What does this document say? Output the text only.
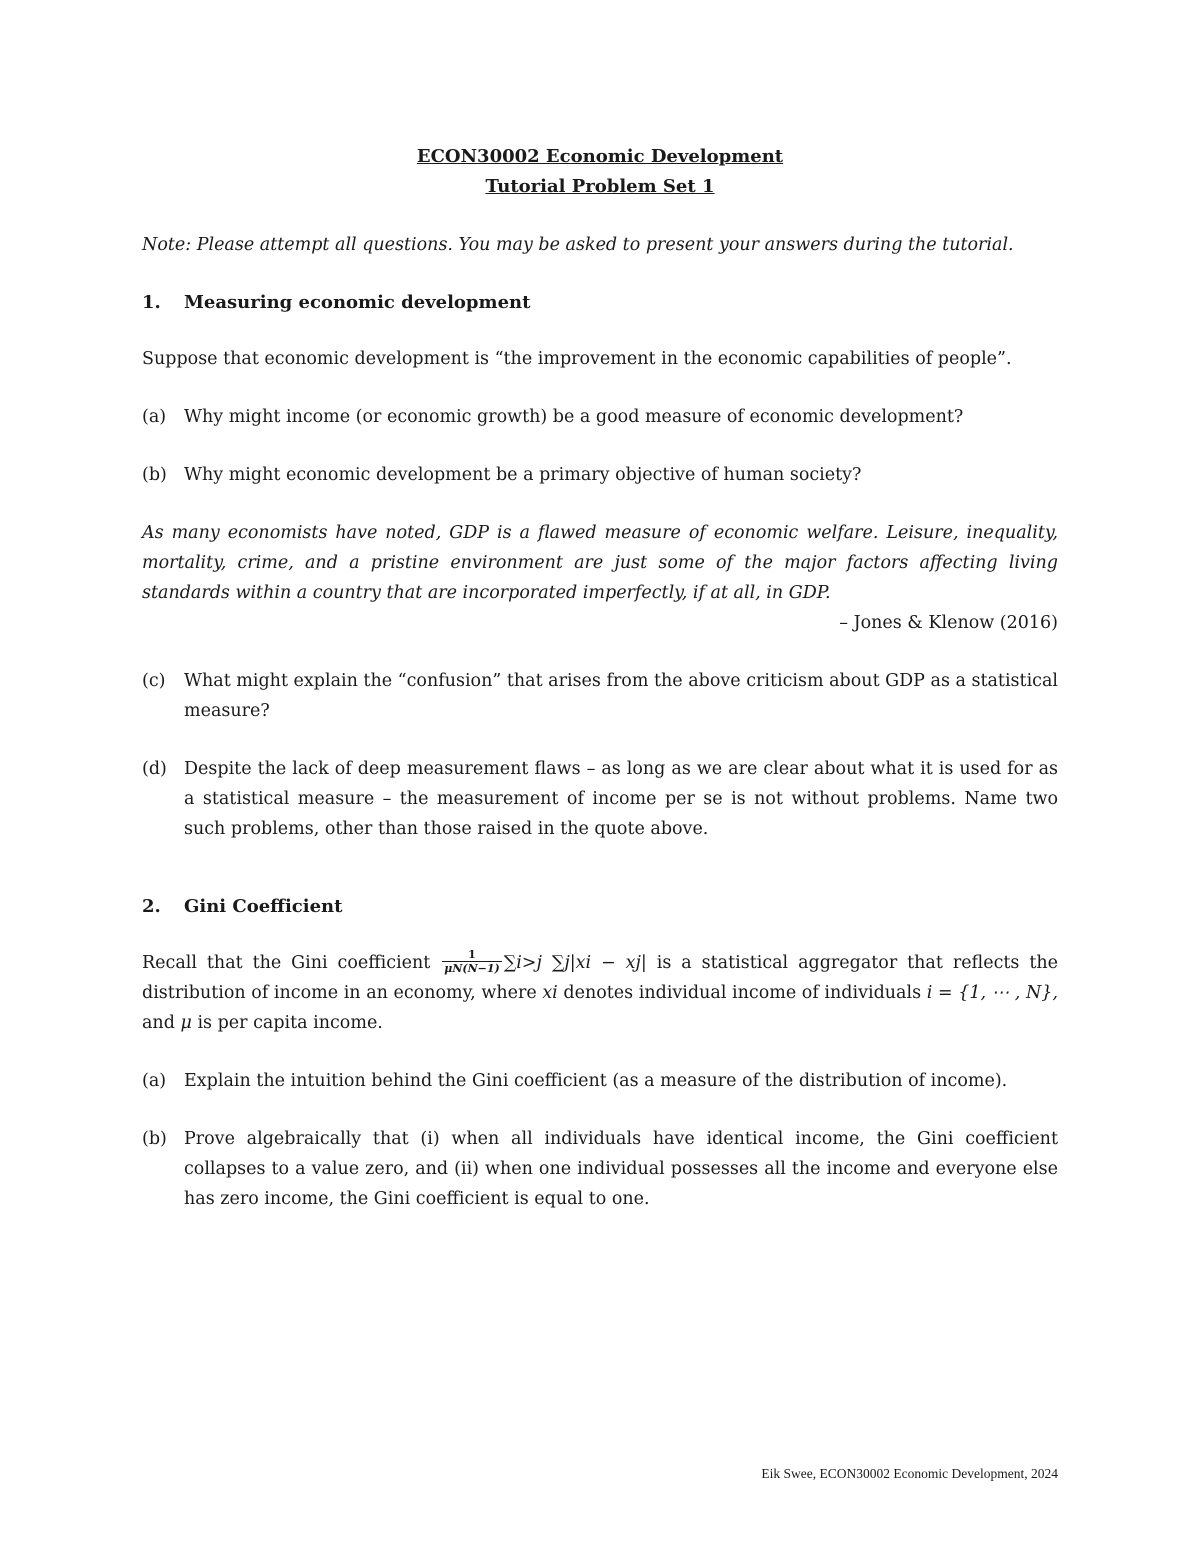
ECON30002 Economic Development
Tutorial Problem Set 1
Note: Please attempt all questions. You may be asked to present your answers during the tutorial.
1.	Measuring economic development
Suppose that economic development is “the improvement in the economic capabilities of people”.
(a)	Why might income (or economic growth) be a good measure of economic development?
(b) Why might economic development be a primary objective of human society?
As many economists have noted, GDP is a flawed measure of economic welfare. Leisure, inequality, mortality, crime, and a pristine environment are just some of the major factors affecting living standards within a country that are incorporated imperfectly, if at all, in GDP.
– Jones & Klenow (2016)
(c)	What might explain the “confusion” that arises from the above criticism about GDP as a statistical measure?
(d) Despite the lack of deep measurement flaws – as long as we are clear about what it is used for as a statistical measure – the measurement of income per se is not without problems. Name two such problems, other than those raised in the quote above.
2.	Gini Coefficient
Recall that the Gini coefficient $\frac{1}{\mu N(N-1)} \sum i>j$ ∑j|xi − xj| is a statistical aggregator that reflects the distribution of income in an economy, where xi denotes individual income of individuals i = {1, ⋯ , N}, and μ is per capita income.
(a)	Explain the intuition behind the Gini coefficient (as a measure of the distribution of income).
(b) Prove algebraically that (i) when all individuals have identical income, the Gini coefficient collapses to a value zero, and (ii) when one individual possesses all the income and everyone else has zero income, the Gini coefficient is equal to one.
Eik Swee, ECON30002 Economic Development, 2024
